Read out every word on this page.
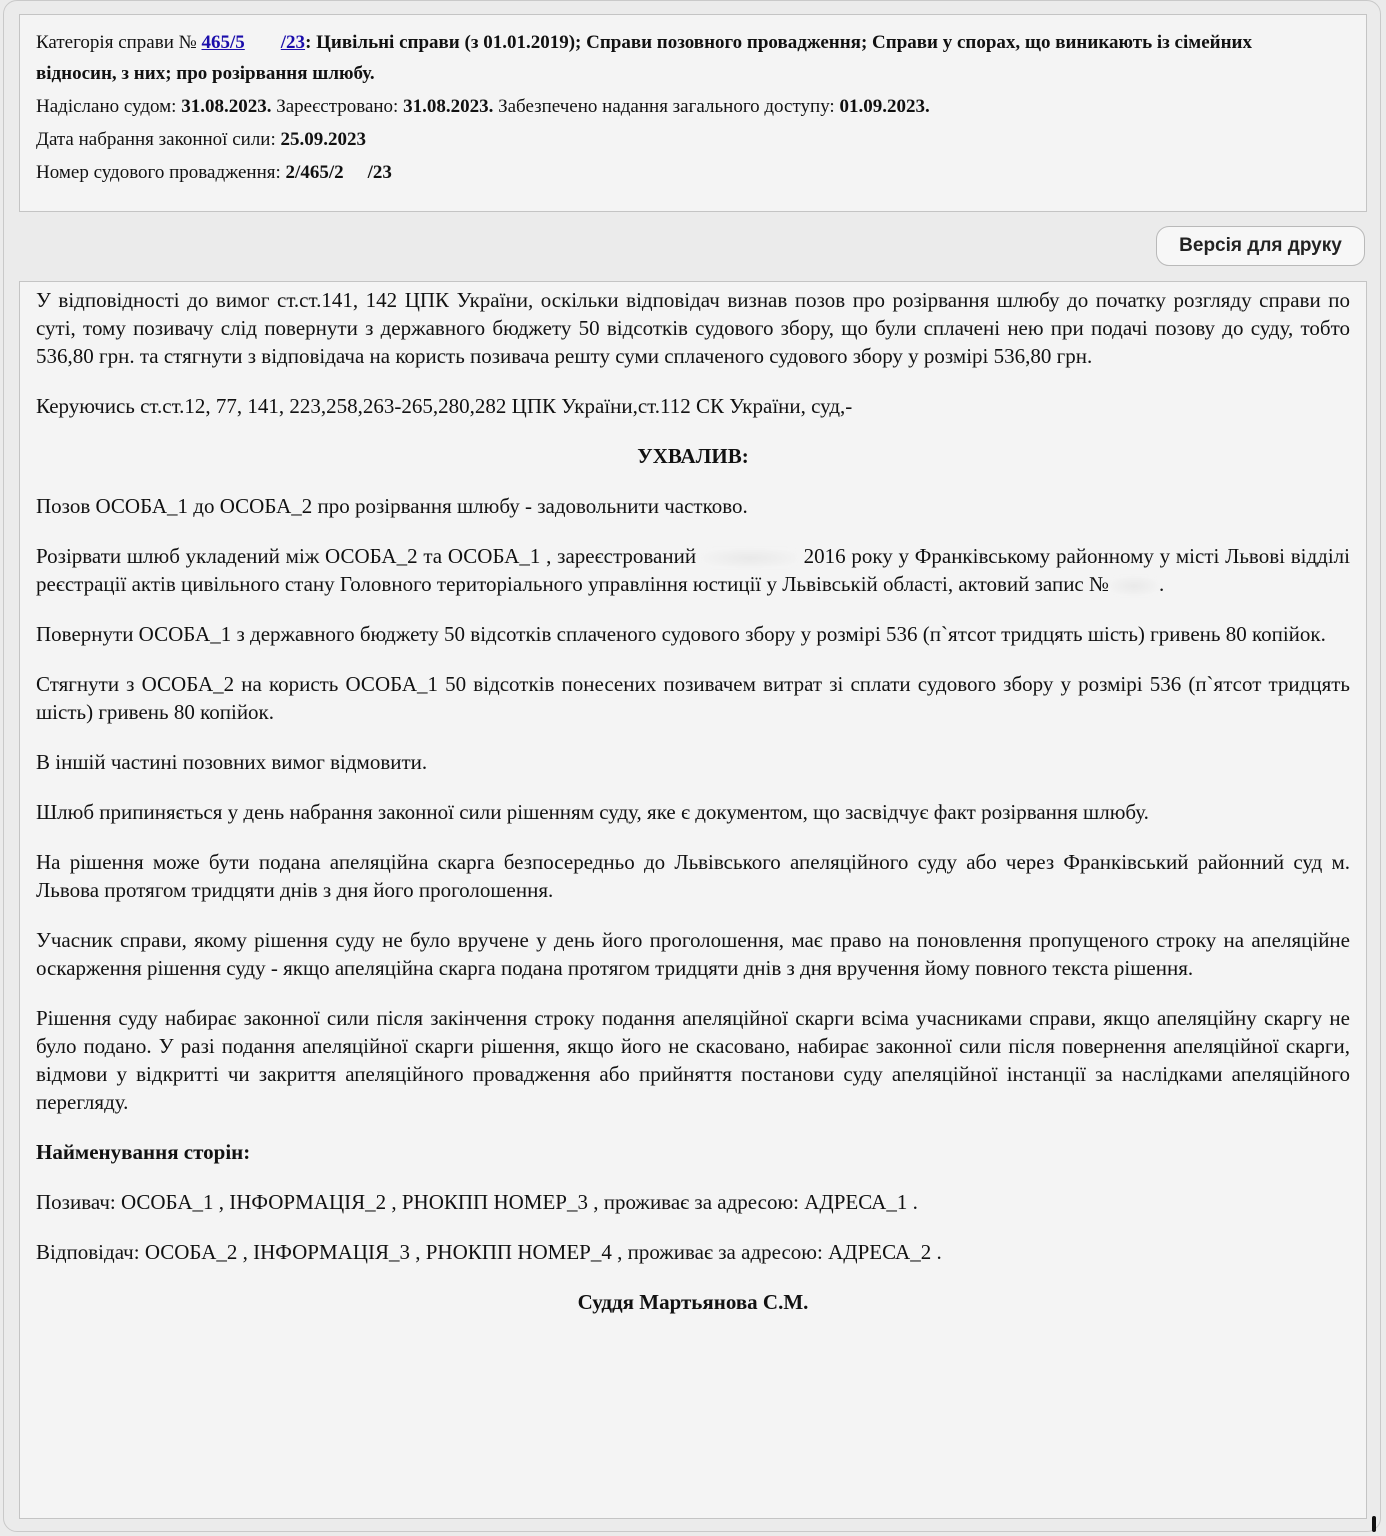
Категорія справи № 465/5 /23: Цивільні справи (з 01.01.2019); Справи позовного провадження; Справи у спорах, що виникають із сімейних
відносин, з них; про розірвання шлюбу.

Надіслано судом: 31.08.2023. Зареєстровано: 31.08.2023. Забезпечено надання загального доступу: 01.09.2023.

Дата набрання законної сили: 25.09.2023

Номер судового провадження: 2/465/2 /23

Версія для друку

У відповідності до вимог ст.ст.141, 142 ЦПК України, оскільки відповідач визнав позов про розірвання шлюбу до початку розгляду справи по суті, тому позивачу слід повернути з державного бюджету 50 відсотків судового збору, що були сплачені нею при подачі позову до суду, тобто 536,80 грн. та стягнути з відповідача на користь позивача решту суми сплаченого судового збору у розмірі 536,80 грн.

Керуючись ст.ст.12, 77, 141, 223,258,263-265,280,282 ЦПК України,ст.112 СК України, суд,-

УХВАЛИВ:

Позов ОСОБА_1 до ОСОБА_2 про розірвання шлюбу - задовольнити частково.

Розірвати шлюб укладений між ОСОБА_2 та ОСОБА_1 , зареєстрований	2016 року у Франківському районному у місті Львові відділі реєстрації актів цивільного стану Головного територіального управління юстиції у Львівській області, актовий запис № .

Повернути ОСОБА_1 з державного бюджету 50 відсотків сплаченого судового збору у розмірі 536 (п`ятсот тридцять шість) гривень 80 копійок.

Стягнути з ОСОБА_2 на користь ОСОБА_1 50 відсотків понесених позивачем витрат зі сплати судового збору у розмірі 536 (п`ятсот тридцять шість) гривень 80 копійок.

В іншій частині позовних вимог відмовити.

Шлюб припиняється у день набрання законної сили рішенням суду, яке є документом, що засвідчує факт розірвання шлюбу.

На рішення може бути подана апеляційна скарга безпосередньо до Львівського апеляційного суду або через Франківський районний суд м. Львова протягом тридцяти днів з дня його проголошення.

Учасник справи, якому рішення суду не було вручене у день його проголошення, має право на поновлення пропущеного строку на апеляційне оскарження рішення суду - якщо апеляційна скарга подана протягом тридцяти днів з дня вручення йому повного текста рішення.

Рішення суду набирає законної сили після закінчення строку подання апеляційної скарги всіма учасниками справи, якщо апеляційну скаргу не було подано. У разі подання апеляційної скарги рішення, якщо його не скасовано, набирає законної сили після повернення апеляційної скарги, відмови у відкритті чи закриття апеляційного провадження або прийняття постанови суду апеляційної інстанції за наслідками апеляційного перегляду.

Найменування сторін:

Позивач: ОСОБА_1 , ІНФОРМАЦІЯ_2 , РНОКПП НОМЕР_3 , проживає за адресою: АДРЕСА_1 .

Відповідач: ОСОБА_2 , ІНФОРМАЦІЯ_3 , РНОКПП НОМЕР_4 , проживає за адресою: АДРЕСА_2 .

Суддя Мартьянова С.М.
